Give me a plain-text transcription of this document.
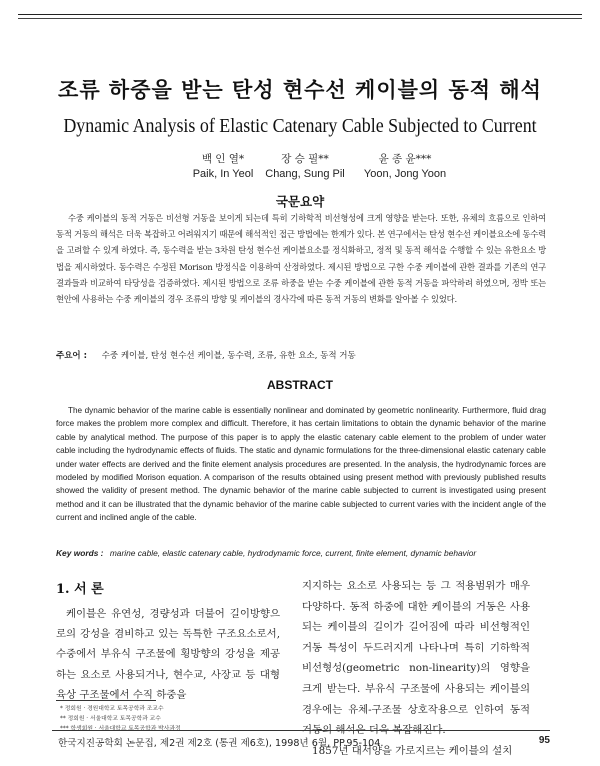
조류 하중을 받는 탄성 현수선 케이블의 동적 해석
Dynamic Analysis of Elastic Catenary Cable Subjected to Current
백 인 열*
Paik, In Yeol
장 승 필**
Chang, Sung Pil
윤 종 윤***
Yoon, Jong Yoon
국문요약
수중 케이블의 동적 거동은 비선형 거동을 보이게 되는데 특히 기하학적 비선형성에 크게 영향을 받는다. 또한, 유체의 흐름으로 인하여 동적 거동의 해석은 더욱 복잡하고 어려워지기 때문에 해석적인 접근 방법에는 한계가 있다. 본 연구에서는 탄성 현수선 케이블요소에 동수력을 고려할 수 있게 하였다. 즉, 동수력을 받는 3차원 탄성 현수선 케이블요소를 정식화하고, 정적 및 동적 해석을 수행할 수 있는 유한요소 방법을 제시하였다. 동수력은 수정된 Morison 방정식을 이용하여 산정하였다. 제시된 방법으로 구한 수중 케이블에 관한 결과를 기존의 연구 결과들과 비교하여 타당성을 검증하였다. 제시된 방법으로 조류 하중을 받는 수중 케이블에 관한 동적 거동을 파악하려 하였으며, 정박 또는 현안에 사용하는 수중 케이블의 경우 조류의 방향 및 케이블의 경사각에 따른 동적 거동의 변화를 알아볼 수 있었다.
주요어 : 수중 케이블, 탄성 현수선 케이블, 동수력, 조류, 유한 요소, 동적 거동
ABSTRACT
The dynamic behavior of the marine cable is essentially nonlinear and dominated by geometric nonlinearity. Furthermore, fluid drag force makes the problem more complex and difficult. Therefore, it has certain limitations to obtain the dynamic behavior of the marine cable by analytical method. The purpose of this paper is to apply the elastic catenary cable element to the problem of under water cable including the hydrodynamic effects of fluids. The static and dynamic formulations for the three-dimensional elastic catenary cable under water effects are derived and the finite element analysis procedures are presented. In the analysis, the hydrodynamic forces are modeled by modified Morison equation. A comparison of the results obtained using present method with previously published results showed the validity of present method. The dynamic behavior of the marine cable subjected to current is investigated using present method and it can be illustrated that the dynamic behavior of the marine cable subjected to current varies with the incident angle of the current and inclined angle of the cable.
Key words : marine cable, elastic catenary cable, hydrodynamic force, current, finite element, dynamic behavior
1. 서 론
케이블은 유연성, 경량성과 더불어 길이방향으로의 강성을 겸비하고 있는 독특한 구조요소로서, 수중에서 부유식 구조물에 횡방향의 강성을 제공하는 요소로 사용되거나, 현수교, 사장교 등 대형 육상 구조물에서 수직 하중을

지지하는 요소로 사용되는 등 그 적용범위가 매우 다양하다. 동적 하중에 대한 케이블의 거동은 사용되는 케이블의 길이가 길어짐에 따라 비선형적인 거동 특성이 두드러지게 나타나며 특히 기하학적 비선형성(geometric non-linearity)의 영향을 크게 받는다. 부유식 구조물에 사용되는 케이블의 경우에는 유체-구조물 상호작용으로 인하여 동적 거동의 해석은 더욱 복잡해진다.

1857년 대서양을 가로지르는 케이블의 설치

* 정회원 · 경원대학교 토목공학과 조교수
** 정회원 · 서울대학교 토목공학과 교수
*** 학생회원 · 서울대학교 토목공학과 박사과정
한국지진공학회 논문집, 제2권 제2호 (통권 제6호), 1998년 6월, PP.95-104.	95
